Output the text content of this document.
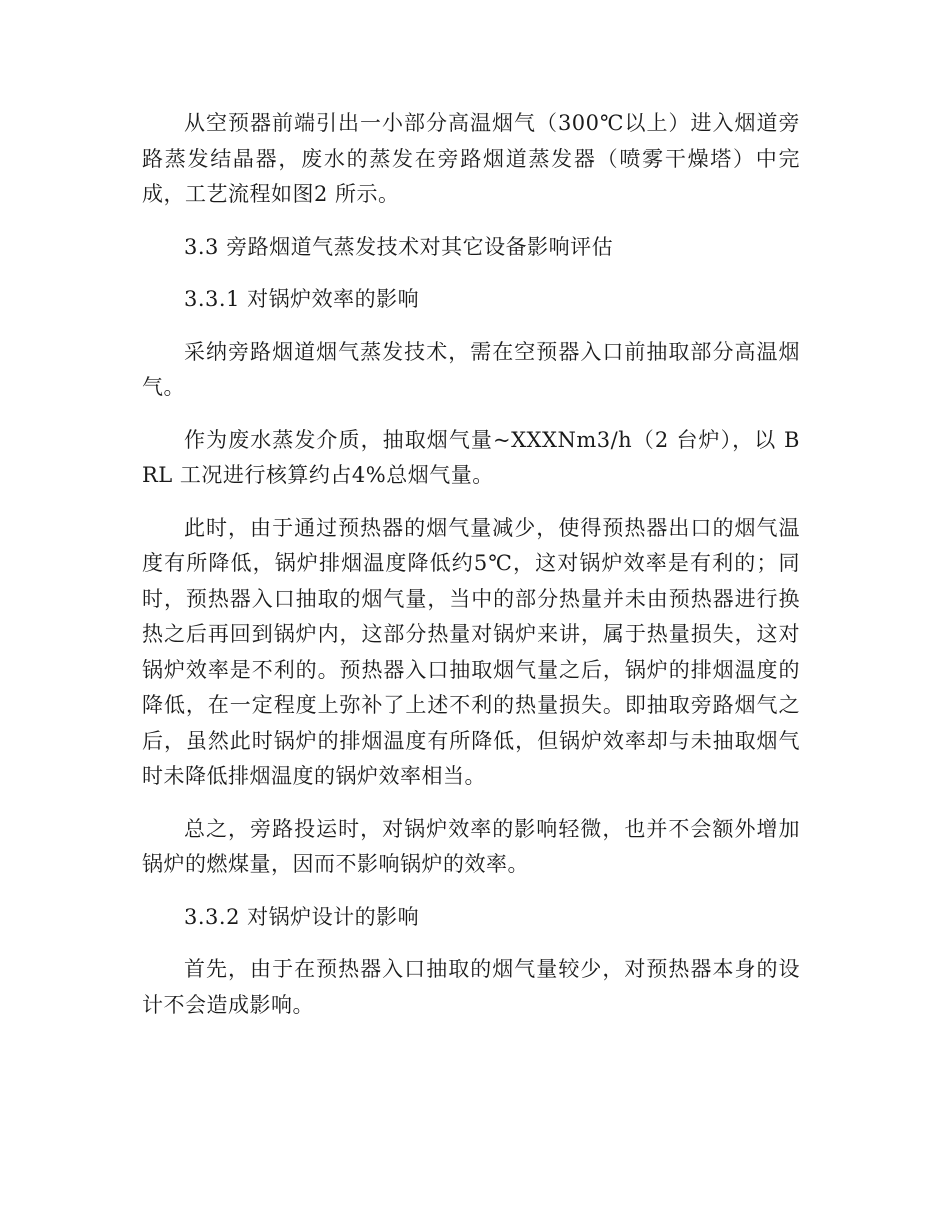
从空预器前端引出一小部分高温烟气（300℃以上）进入烟道旁路蒸发结晶器，废水的蒸发在旁路烟道蒸发器（喷雾干燥塔）中完成，工艺流程如图2 所示。

3.3 旁路烟道气蒸发技术对其它设备影响评估

3.3.1 对锅炉效率的影响

采纳旁路烟道烟气蒸发技术，需在空预器入口前抽取部分高温烟气。

作为废水蒸发介质，抽取烟气量~XXXNm3/h（2 台炉），以 BRL 工况进行核算约占4%总烟气量。

此时，由于通过预热器的烟气量减少，使得预热器出口的烟气温度有所降低，锅炉排烟温度降低约5℃，这对锅炉效率是有利的；同时，预热器入口抽取的烟气量，当中的部分热量并未由预热器进行换热之后再回到锅炉内，这部分热量对锅炉来讲，属于热量损失，这对锅炉效率是不利的。预热器入口抽取烟气量之后，锅炉的排烟温度的降低，在一定程度上弥补了上述不利的热量损失。即抽取旁路烟气之后，虽然此时锅炉的排烟温度有所降低，但锅炉效率却与未抽取烟气时未降低排烟温度的锅炉效率相当。

总之，旁路投运时，对锅炉效率的影响轻微，也并不会额外增加锅炉的燃煤量，因而不影响锅炉的效率。

3.3.2 对锅炉设计的影响

首先，由于在预热器入口抽取的烟气量较少，对预热器本身的设计不会造成影响。
